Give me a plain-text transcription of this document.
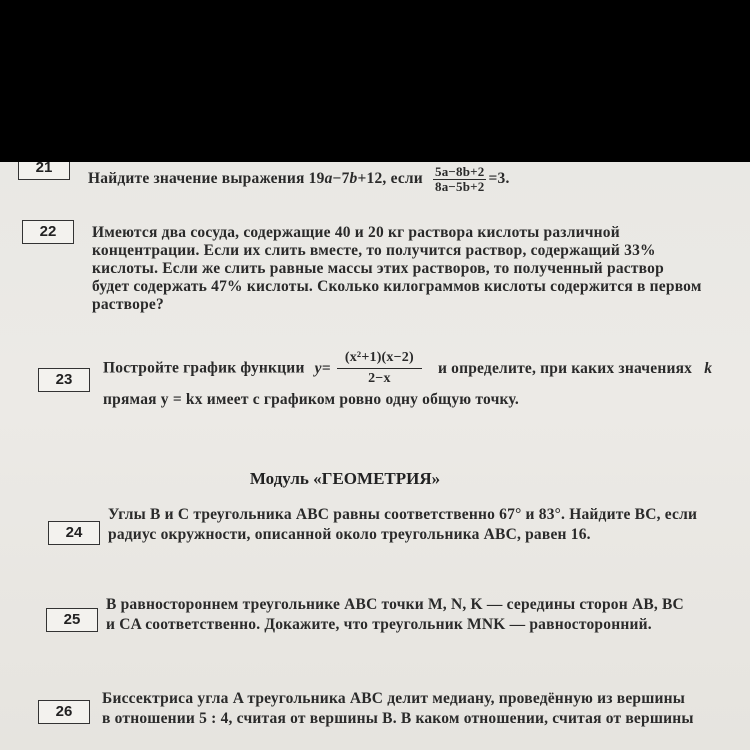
21
Найдите значение выражения 19a−7b+12, если $\frac{5a-8b+2}{8a-5b+2} =3$.
22	Имеются два сосуда, содержащие 40 и 20 кг раствора кислоты различной
концентрации. Если их слить вместе, то получится раствор, содержащий 33%
кислоты. Если же слить равные массы этих растворов, то полученный раствор
будет содержать 47% кислоты. Сколько килограммов кислоты содержится в первом
растворе?
23
Постройте график функции $y= \frac{\text{(x²+1)(x−2)}}{2-x}$ и определите, при каких значениях k
прямая y = kx имеет с графиком ровно одну общую точку.
Модуль «ГЕОМЕТРИЯ»
24
Углы B и C треугольника ABC равны соответственно 67° и 83°. Найдите BC, если
радиус окружности, описанной около треугольника ABC, равен 16.
25
В равностороннем треугольнике ABC точки M, N, K — середины сторон AB, BC
и CA соответственно. Докажите, что треугольник MNK — равносторонний.
26
Биссектриса угла A треугольника ABC делит медиану, проведённую из вершины
в отношении 5 : 4, считая от вершины B. В каком отношении, считая от вершины
